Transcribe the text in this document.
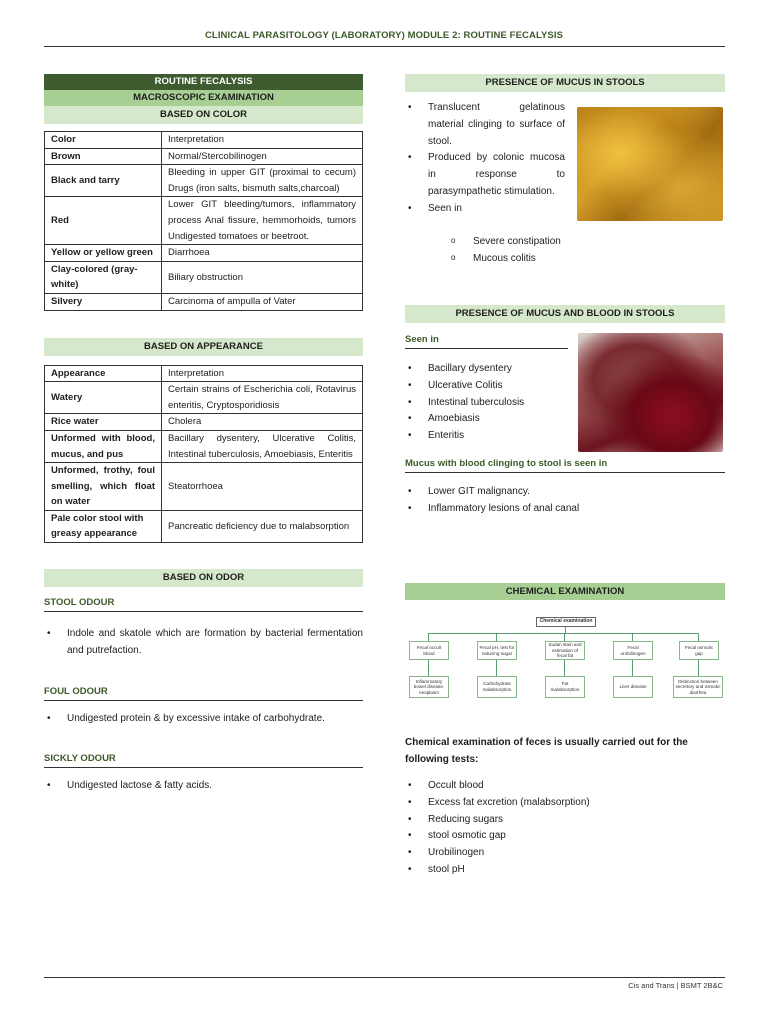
CLINICAL PARASITOLOGY (LABORATORY) MODULE 2: ROUTINE FECALYSIS
ROUTINE FECALYSIS
MACROSCOPIC EXAMINATION
BASED ON COLOR
Color	Interpretation
Brown	Normal/Stercobilinogen
Black and tarry	Bleeding in upper GIT (proximal to cecum) Drugs (iron salts, bismuth salts,charcoal)
Red	Lower GIT bleeding/tumors, inflammatory process Anal fissure, hemmorhoids, tumors Undigested tomatoes or beetroot.
Yellow or yellow green	Diarrhoea
Clay-colored (gray-white)	Biliary obstruction
Silvery	Carcinoma of ampulla of Vater
BASED ON APPEARANCE
Appearance	Interpretation
Watery	Certain strains of Escherichia coli, Rotavirus enteritis, Cryptosporidiosis
Rice water	Cholera
Unformed with blood, mucus, and pus	Bacillary dysentery, Ulcerative Colitis, Intestinal tuberculosis, Amoebiasis, Enteritis
Unformed, frothy, foul smelling, which float on water	Steatorrhoea
Pale color stool with greasy appearance	Pancreatic deficiency due to malabsorption
BASED ON ODOR
STOOL ODOUR
• Indole and skatole which are formation by bacterial fermentation and putrefaction.
FOUL ODOUR
• Undigested protein & by excessive intake of carbohydrate.
SICKLY ODOUR
• Undigested lactose & fatty acids.
PRESENCE OF MUCUS IN STOOLS
• Translucent gelatinous material clinging to surface of stool.
• Produced by colonic mucosa in response to parasympathetic stimulation.
• Seen in
o Severe constipation
o Mucous colitis
PRESENCE OF MUCUS AND BLOOD IN STOOLS
Seen in
• Bacillary dysentery
• Ulcerative Colitis
• Intestinal tuberculosis
• Amoebiasis
• Enteritis
Mucus with blood clinging to stool is seen in
• Lower GIT malignancy.
• Inflammatory lesions of anal canal
CHEMICAL EXAMINATION
Chemical examination
Fecal occult blood
Fecal pH, test for reducing sugar
Sudan stain and estimation of fecal fat
Fecal urobilinogen
Fecal osmotic gap
Inflammatory bowel disease, neoplasm
Carbohydrate malabsorption
Fat malabsorption
Liver disease
Distinction between secretory and osmotic diarrhea
Chemical examination of feces is usually carried out for the following tests:
• Occult blood
• Excess fat excretion (malabsorption)
• Reducing sugars
• stool osmotic gap
• Urobilinogen
• stool pH
Cis and Trans | BSMT 2B&C
